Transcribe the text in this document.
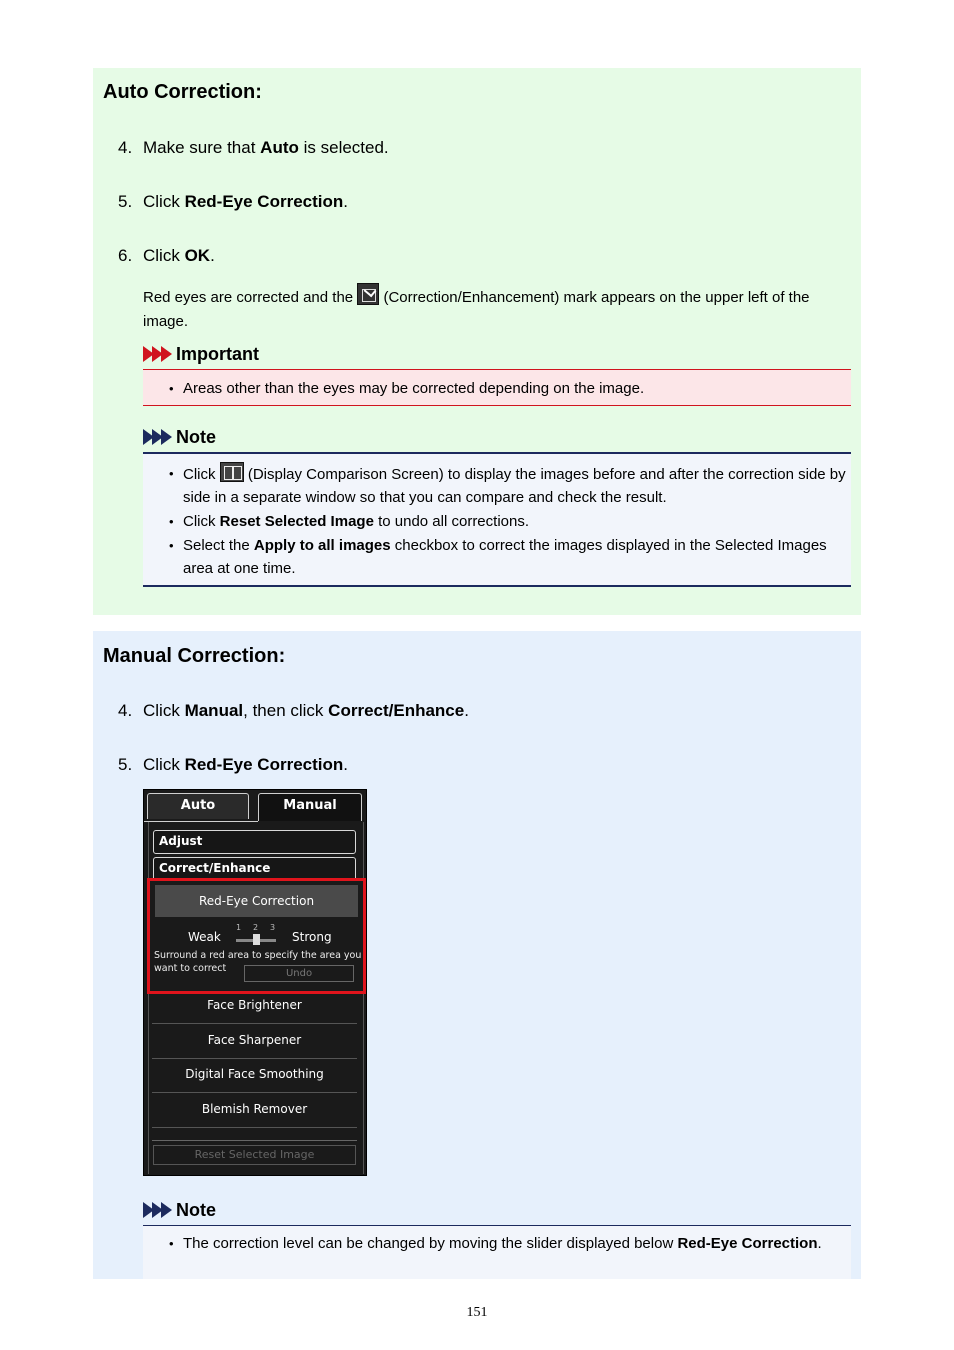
Auto Correction:
4. Make sure that Auto is selected.
5. Click Red-Eye Correction.
6. Click OK.
Red eyes are corrected and the  (Correction/Enhancement) mark appears on the upper left of the image.
Important
• Areas other than the eyes may be corrected depending on the image.
Note
• Click  (Display Comparison Screen) to display the images before and after the correction side by side in a separate window so that you can compare and check the result.
• Click Reset Selected Image to undo all corrections.
• Select the Apply to all images checkbox to correct the images displayed in the Selected Images area at one time.
Manual Correction:
4. Click Manual, then click Correct/Enhance.
5. Click Red-Eye Correction.
Auto	Manual
Adjust
Correct/Enhance
Red-Eye Correction
Weak
1 2 3
Strong
Surround a red area to specify the area you want to correct	Undo
Face Brightener
Face Sharpener
Digital Face Smoothing
Blemish Remover
Reset Selected Image
Note
• The correction level can be changed by moving the slider displayed below Red-Eye Correction.
151
